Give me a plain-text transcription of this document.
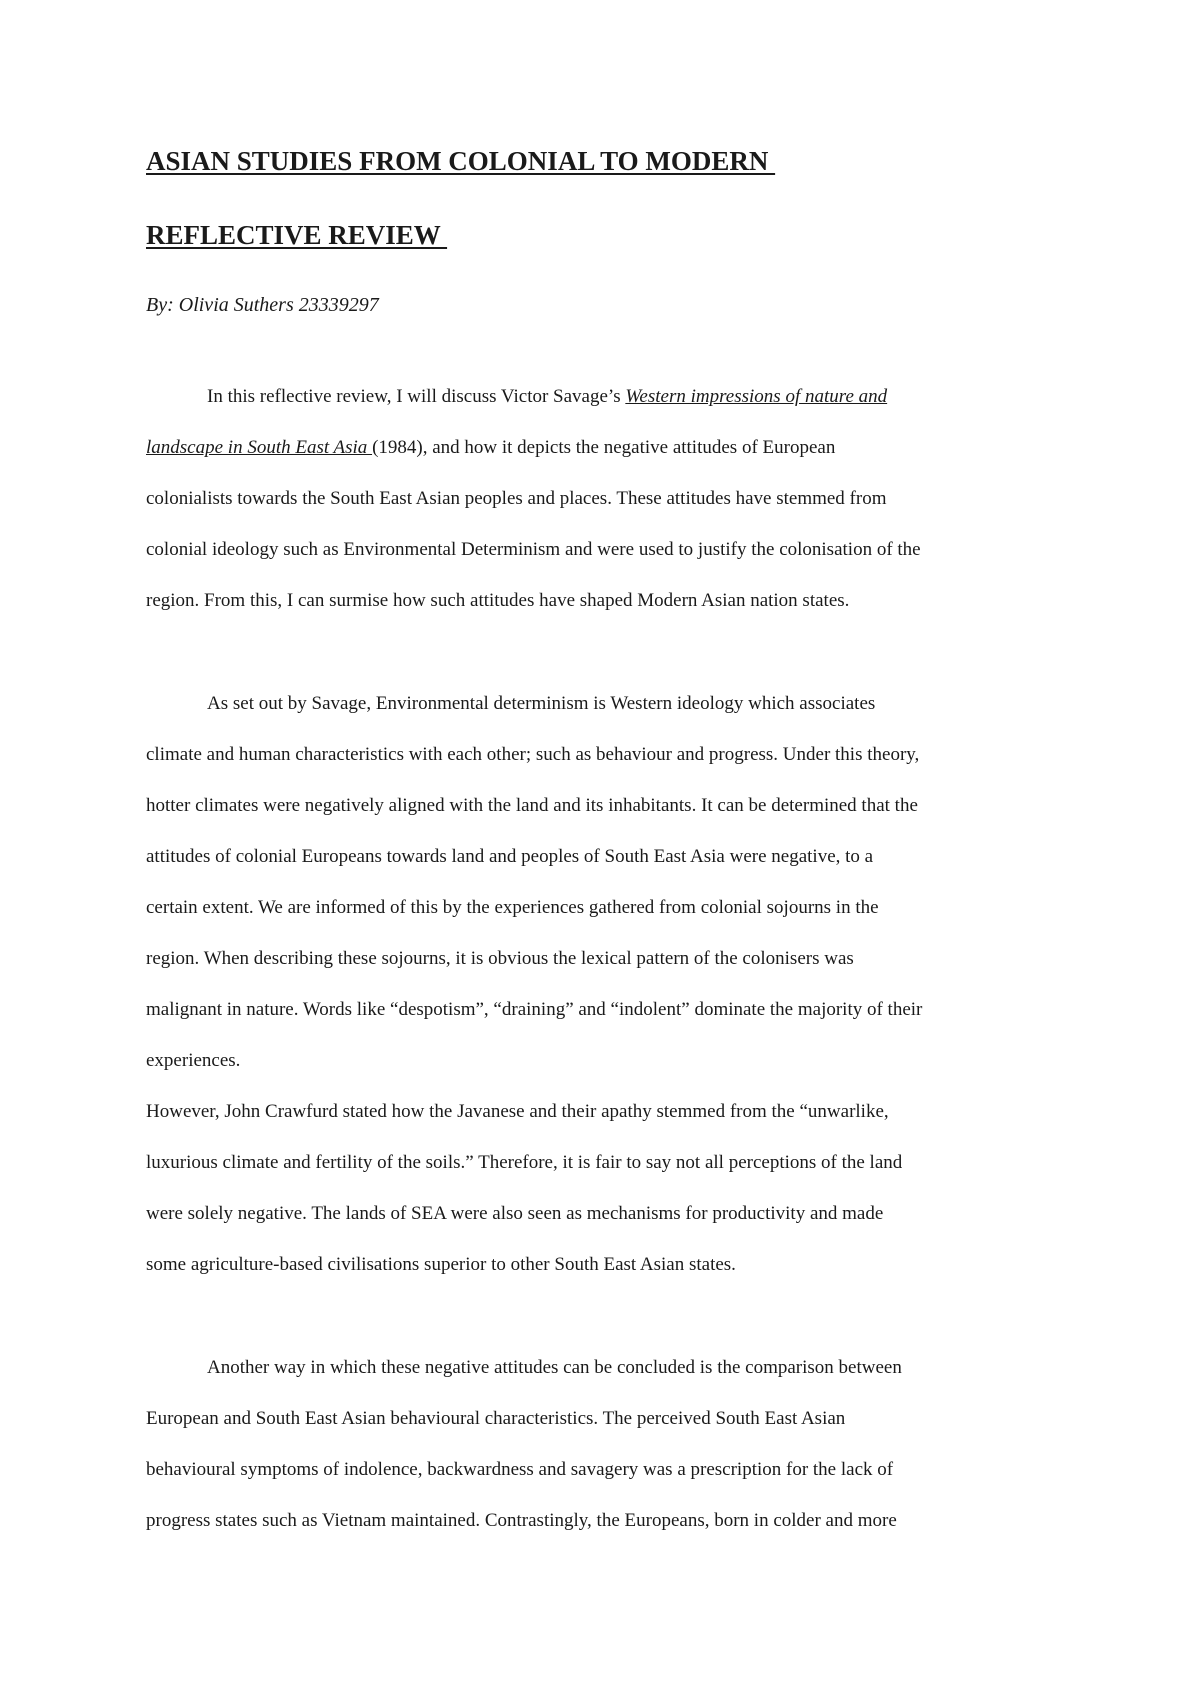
ASIAN STUDIES FROM COLONIAL TO MODERN
REFLECTIVE REVIEW
By: Olivia Suthers 23339297
In this reflective review, I will discuss Victor Savage’s Western impressions of nature and
landscape in South East Asia (1984), and how it depicts the negative attitudes of European
colonialists towards the South East Asian peoples and places. These attitudes have stemmed from
colonial ideology such as Environmental Determinism and were used to justify the colonisation of the
region. From this, I can surmise how such attitudes have shaped Modern Asian nation states.
As set out by Savage, Environmental determinism is Western ideology which associates
climate and human characteristics with each other; such as behaviour and progress. Under this theory,
hotter climates were negatively aligned with the land and its inhabitants. It can be determined that the
attitudes of colonial Europeans towards land and peoples of South East Asia were negative, to a
certain extent. We are informed of this by the experiences gathered from colonial sojourns in the
region. When describing these sojourns, it is obvious the lexical pattern of the colonisers was
malignant in nature. Words like “despotism”, “draining” and “indolent” dominate the majority of their
experiences.
However, John Crawfurd stated how the Javanese and their apathy stemmed from the “unwarlike,
luxurious climate and fertility of the soils.” Therefore, it is fair to say not all perceptions of the land
were solely negative. The lands of SEA were also seen as mechanisms for productivity and made
some agriculture-based civilisations superior to other South East Asian states.
Another way in which these negative attitudes can be concluded is the comparison between
European and South East Asian behavioural characteristics. The perceived South East Asian
behavioural symptoms of indolence, backwardness and savagery was a prescription for the lack of
progress states such as Vietnam maintained. Contrastingly, the Europeans, born in colder and more
